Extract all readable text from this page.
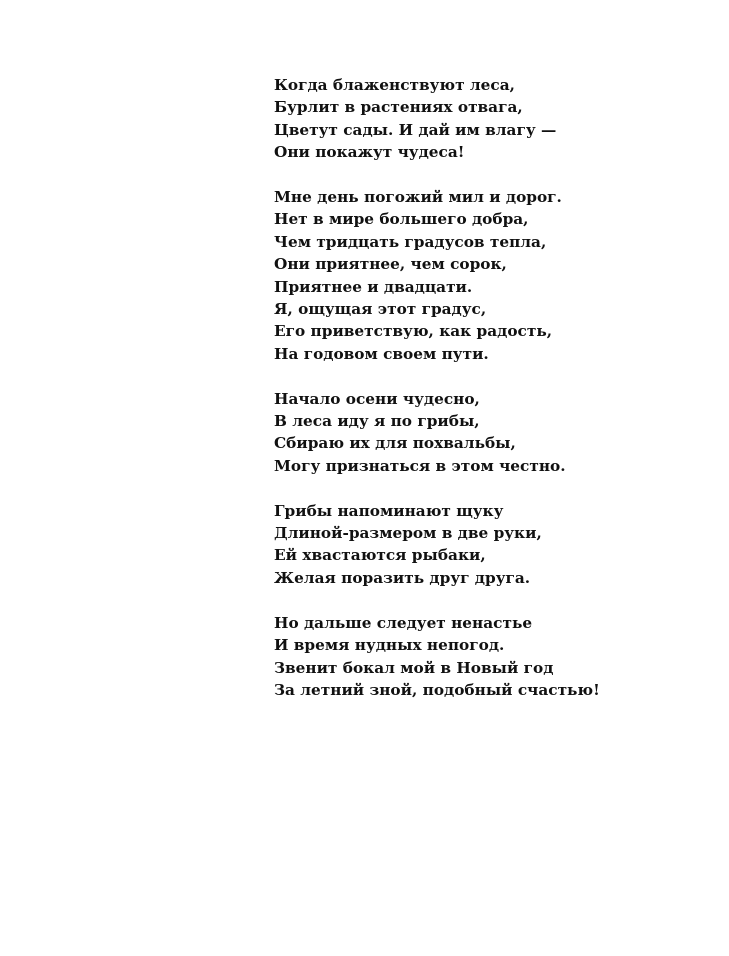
Когда блаженствуют леса,
Бурлит в растениях отвага,
Цветут сады. И дай им влагу —
Они покажут чудеса!
Мне день погожий мил и дорог.
Нет в мире большего добра,
Чем тридцать градусов тепла,
Они приятнее, чем сорок,
Приятнее и двадцати.
Я, ощущая этот градус,
Его приветствую, как радость,
На годовом своем пути.
Начало осени чудесно,
В леса иду я по грибы,
Сбираю их для похвальбы,
Могу признаться в этом честно.
Грибы напоминают щуку
Длиной-размером в две руки,
Ей хвастаются рыбаки,
Желая поразить друг друга.
Но дальше следует ненастье
И время нудных непогод.
Звенит бокал мой в Новый год
За летний зной, подобный счастью!
